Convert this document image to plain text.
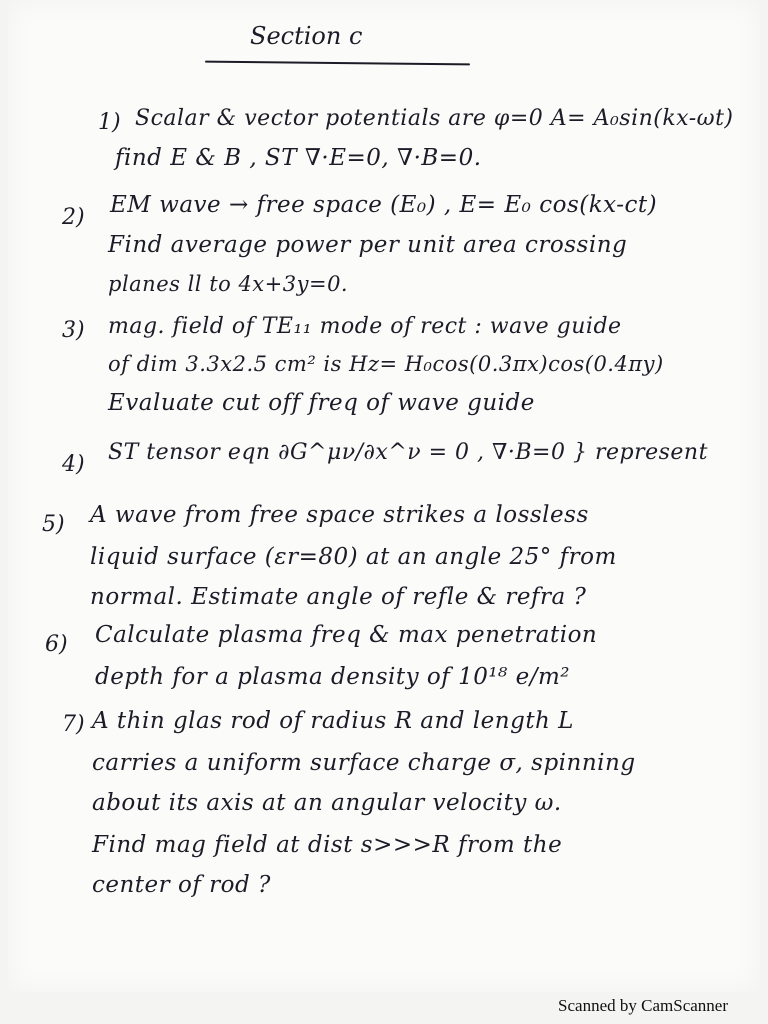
Section c
1) Scalar & vector potentials are φ=0 A= A₀sin(kx-ωt)
find E & B , ST ∇·E=0, ∇·B=0.
2) EM wave → free space (E₀) , E= E₀ cos(kx-ct)
Find average power per unit area crossing
planes ll to 4x+3y=0.
3) mag. field of TE₁₁ mode of rect : wave guide
of dim 3.3x2.5 cm² is Hz= H₀cos(0.3πx)cos(0.4πy)
Evaluate cut off freq of wave guide
4) ST tensor eqn ∂G^μν/∂x^ν = 0 , ∇·B=0 } represent
5) A wave from free space strikes a lossless
liquid surface (εr=80) at an angle 25° from
normal. Estimate angle of refle & refra ?
6) Calculate plasma freq & max penetration
depth for a plasma density of 10¹⁸ e/m²
7) A thin glas rod of radius R and length L
carries a uniform surface charge σ, spinning
about its axis at an angular velocity ω.
Find mag field at dist s>>>R from the
center of rod ?
Scanned by CamScanner
